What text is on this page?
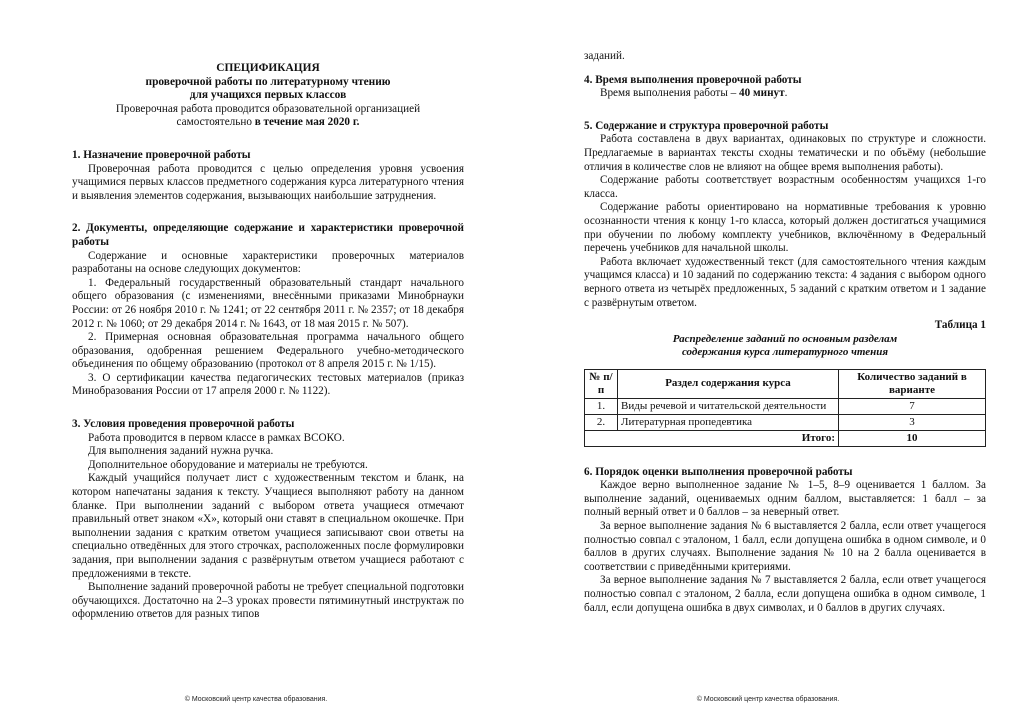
СПЕЦИФИКАЦИЯ

проверочной работы по литературному чтению

для учащихся первых классов

Проверочная работа проводится образовательной организацией

самостоятельно в течение мая 2020 г.

1. Назначение проверочной работы

Проверочная работа проводится с целью определения уровня усвоения учащимися первых классов предметного содержания курса литературного чтения и выявления элементов содержания, вызывающих наибольшие затруднения.

2. Документы, определяющие содержание и характеристики проверочной работы

Содержание и основные характеристики проверочных материалов разработаны на основе следующих документов:

1. Федеральный государственный образовательный стандарт начального общего образования (с изменениями, внесёнными приказами Минобрнауки России: от 26 ноября 2010 г. № 1241; от 22 сентября 2011 г. № 2357; от 18 декабря 2012 г. № 1060; от 29 декабря 2014 г. № 1643, от 18 мая 2015 г. № 507).

2. Примерная основная образовательная программа начального общего образования, одобренная решением Федерального учебно-методического объединения по общему образованию (протокол от 8 апреля 2015 г. № 1/15).

3. О сертификации качества педагогических тестовых материалов (приказ Минобразования России от 17 апреля 2000 г. № 1122).

3. Условия проведения проверочной работы

Работа проводится в первом классе в рамках ВСОКО.

Для выполнения заданий нужна ручка.

Дополнительное оборудование и материалы не требуются.

Каждый учащийся получает лист с художественным текстом и бланк, на котором напечатаны задания к тексту. Учащиеся выполняют работу на данном бланке. При выполнении заданий с выбором ответа учащиеся отмечают правильный ответ знаком «Х», который они ставят в специальном окошечке. При выполнении задания с кратким ответом учащиеся записывают свои ответы на специально отведённых для этого строчках, расположенных после формулировки задания, при выполнении задания с развёрнутым ответом учащиеся работают с предложениями в тексте.

Выполнение заданий проверочной работы не требует специальной подготовки обучающихся. Достаточно на 2–3 уроках провести пятиминутный инструктаж по оформлению ответов для разных типов

© Московский центр качества образования.

заданий.

4. Время выполнения проверочной работы

Время выполнения работы – 40 минут.

5. Содержание и структура проверочной работы

Работа составлена в двух вариантах, одинаковых по структуре и сложности. Предлагаемые в вариантах тексты сходны тематически и по объёму (небольшие отличия в количестве слов не влияют на общее время выполнения работы).

Содержание работы соответствует возрастным особенностям учащихся 1-го класса.

Содержание работы ориентировано на нормативные требования к уровню осознанности чтения к концу 1-го класса, который должен достигаться учащимися при обучении по любому комплекту учебников, включённому в Федеральный перечень учебников для начальной школы.

Работа включает художественный текст (для самостоятельного чтения каждым учащимся класса) и 10 заданий по содержанию текста: 4 задания с выбором одного верного ответа из четырёх предложенных, 5 заданий с кратким ответом и 1 задание с развёрнутым ответом.

Таблица 1

Распределение заданий по основным разделам

содержания курса литературного чтения

№ п/п	Раздел содержания курса	Количество заданий в варианте
1.	Виды речевой и читательской деятельности	7
2.	Литературная пропедевтика	3
Итого:		10

6. Порядок оценки выполнения проверочной работы

Каждое верно выполненное задание № 1–5, 8–9 оценивается 1 баллом. За выполнение заданий, оцениваемых одним баллом, выставляется: 1 балл – за полный верный ответ и 0 баллов – за неверный ответ.

За верное выполнение задания № 6 выставляется 2 балла, если ответ учащегося полностью совпал с эталоном, 1 балл, если допущена ошибка в одном символе, и 0 баллов в других случаях. Выполнение задания № 10 на 2 балла оценивается в соответствии с приведёнными критериями.

За верное выполнение задания № 7 выставляется 2 балла, если ответ учащегося полностью совпал с эталоном, 2 балла, если допущена ошибка в одном символе, 1 балл, если допущена ошибка в двух символах, и 0 баллов в других случаях.

© Московский центр качества образования.
